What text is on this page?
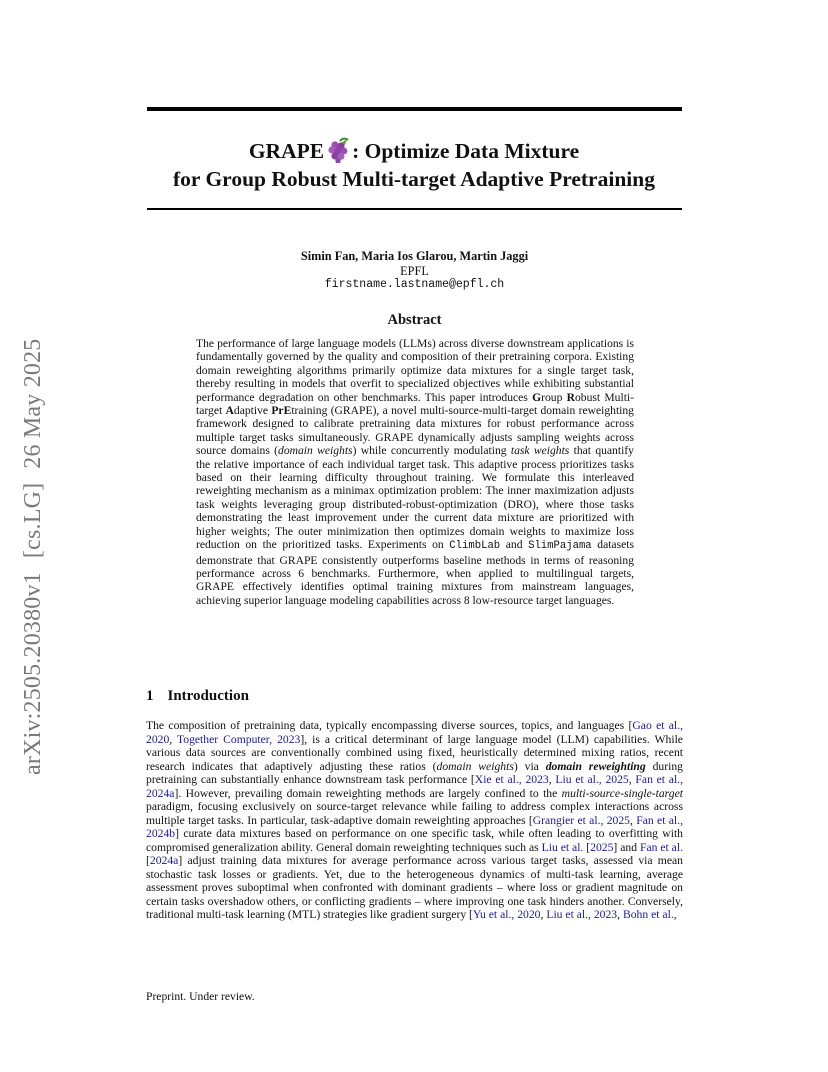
GRAPE : Optimize Data Mixture
for Group Robust Multi-target Adaptive Pretraining
Simin Fan, Maria Ios Glarou, Martin Jaggi
EPFL
firstname.lastname@epfl.ch
Abstract
The performance of large language models (LLMs) across diverse downstream applications is fundamentally governed by the quality and composition of their pretraining corpora. Existing domain reweighting algorithms primarily optimize data mixtures for a single target task, thereby resulting in models that overfit to specialized objectives while exhibiting substantial performance degradation on other benchmarks. This paper introduces Group Robust Multi-target Adaptive PrEtraining (GRAPE), a novel multi-source-multi-target domain reweighting framework designed to calibrate pretraining data mixtures for robust performance across multiple target tasks simultaneously. GRAPE dynamically adjusts sampling weights across source domains (domain weights) while concurrently modulating task weights that quantify the relative importance of each individual target task. This adaptive process prioritizes tasks based on their learning difficulty throughout training. We formulate this interleaved reweighting mechanism as a minimax optimization problem: The inner maximization adjusts task weights leveraging group distributed-robust-optimization (DRO), where those tasks demonstrating the least improvement under the current data mixture are prioritized with higher weights; The outer minimization then optimizes domain weights to maximize loss reduction on the prioritized tasks. Experiments on ClimbLab and SlimPajama datasets demonstrate that GRAPE consistently outperforms baseline methods in terms of reasoning performance across 6 benchmarks. Furthermore, when applied to multilingual targets, GRAPE effectively identifies optimal training mixtures from mainstream languages, achieving superior language modeling capabilities across 8 low-resource target languages.
1 Introduction
The composition of pretraining data, typically encompassing diverse sources, topics, and languages [Gao et al., 2020, Together Computer, 2023], is a critical determinant of large language model (LLM) capabilities. While various data sources are conventionally combined using fixed, heuristically determined mixing ratios, recent research indicates that adaptively adjusting these ratios (domain weights) via domain reweighting during pretraining can substantially enhance downstream task performance [Xie et al., 2023, Liu et al., 2025, Fan et al., 2024a]. However, prevailing domain reweighting methods are largely confined to the multi-source-single-target paradigm, focusing exclusively on source-target relevance while failing to address complex interactions across multiple target tasks. In particular, task-adaptive domain reweighting approaches [Grangier et al., 2025, Fan et al., 2024b] curate data mixtures based on performance on one specific task, while often leading to overfitting with compromised generalization ability. General domain reweighting techniques such as Liu et al. [2025] and Fan et al. [2024a] adjust training data mixtures for average performance across various target tasks, assessed via mean stochastic task losses or gradients. Yet, due to the heterogeneous dynamics of multi-task learning, average assessment proves suboptimal when confronted with dominant gradients – where loss or gradient magnitude on certain tasks overshadow others, or conflicting gradients – where improving one task hinders another. Conversely, traditional multi-task learning (MTL) strategies like gradient surgery [Yu et al., 2020, Liu et al., 2023, Bohn et al.,
Preprint. Under review.
arXiv:2505.20380v1[cs.LG]26 May 2025
